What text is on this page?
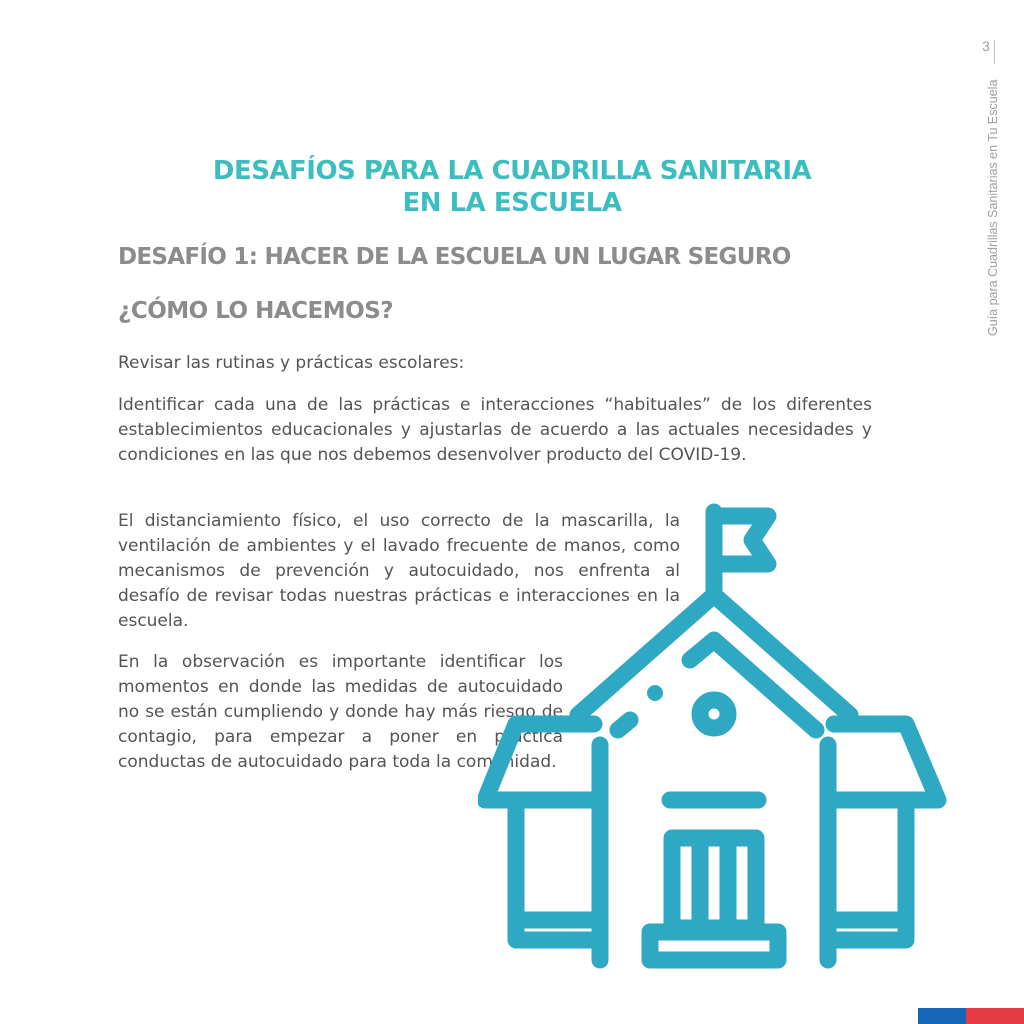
3
Guía para Cuadrillas Sanitarias en Tu Escuela
DESAFÍOS PARA LA CUADRILLA SANITARIA
EN LA ESCUELA
DESAFÍO 1: HACER DE LA ESCUELA UN LUGAR SEGURO
¿CÓMO LO HACEMOS?

Revisar las rutinas y prácticas escolares:

Identificar cada una de las prácticas e interacciones “habituales” de los diferentes establecimientos educacionales y ajustarlas de acuerdo a las actuales necesidades y condiciones en las que nos debemos desenvolver producto del COVID-19.

El distanciamiento físico, el uso correcto de la mascarilla, la ventilación de ambientes y el lavado frecuente de manos, como mecanismos de prevención y autocuidado, nos enfrenta al desafío de revisar todas nuestras prácticas e interacciones en la escuela.

En la observación es importante identificar los momentos en donde las medidas de autocuidado no se están cumpliendo y donde hay más riesgo de contagio, para empezar a poner en práctica conductas de autocuidado para toda la comunidad.
